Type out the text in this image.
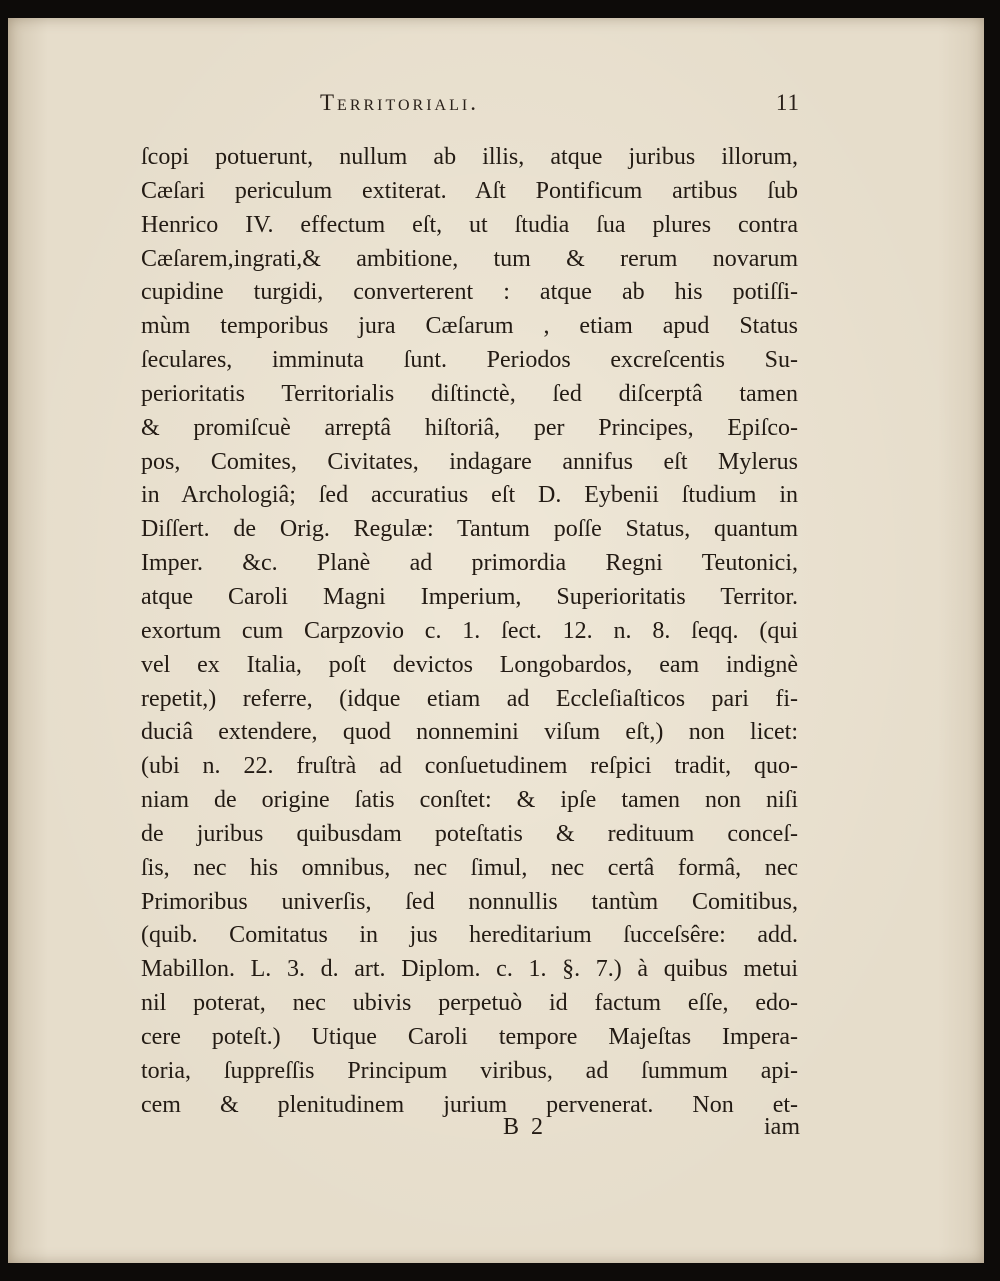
Territoriali.	11
ſcopi potuerunt, nullum ab illis, atque juribus illorum,
Cæſari periculum extiterat. Aſt Pontificum artibus ſub
Henrico IV. effectum eſt, ut ſtudia ſua plures contra
Cæſarem,ingrati,& ambitione, tum & rerum novarum
cupidine turgidi, converterent : atque ab his potiſſi-
mùm temporibus jura Cæſarum , etiam apud Status
ſeculares, imminuta ſunt. Periodos excreſcentis Su-
perioritatis Territorialis diſtinctè, ſed diſcerptâ tamen
& promiſcuè arreptâ hiſtoriâ, per Principes, Epiſco-
pos, Comites, Civitates, indagare annifus eſt Mylerus
in Archologiâ; ſed accuratius eſt D. Eybenii ſtudium in
Diſſert. de Orig. Regulæ: Tantum poſſe Status, quantum
Imper. &c. Planè ad primordia Regni Teutonici,
atque Caroli Magni Imperium, Superioritatis Territor.
exortum cum Carpzovio c. 1. ſect. 12. n. 8. ſeqq. (qui
vel ex Italia, poſt devictos Longobardos, eam indignè
repetit,) referre, (idque etiam ad Eccleſiaſticos pari fi-
duciâ extendere, quod nonnemini viſum eſt,) non licet:
(ubi n. 22. fruſtrà ad conſuetudinem reſpici tradit, quo-
niam de origine ſatis conſtet: & ipſe tamen non niſi
de juribus quibusdam poteſtatis & redituum conceſ-
ſis, nec his omnibus, nec ſimul, nec certâ formâ, nec
Primoribus univerſis, ſed nonnullis tantùm Comitibus,
(quib. Comitatus in jus hereditarium ſucceſsêre: add.
Mabillon. L. 3. d. art. Diplom. c. 1. §. 7.) à quibus metui
nil poterat, nec ubivis perpetuò id factum eſſe, edo-
cere poteſt.) Utique Caroli tempore Majeſtas Impera-
toria, ſuppreſſis Principum viribus, ad ſummum api-
cem & plenitudinem jurium pervenerat. Non et-
B 2	iam
